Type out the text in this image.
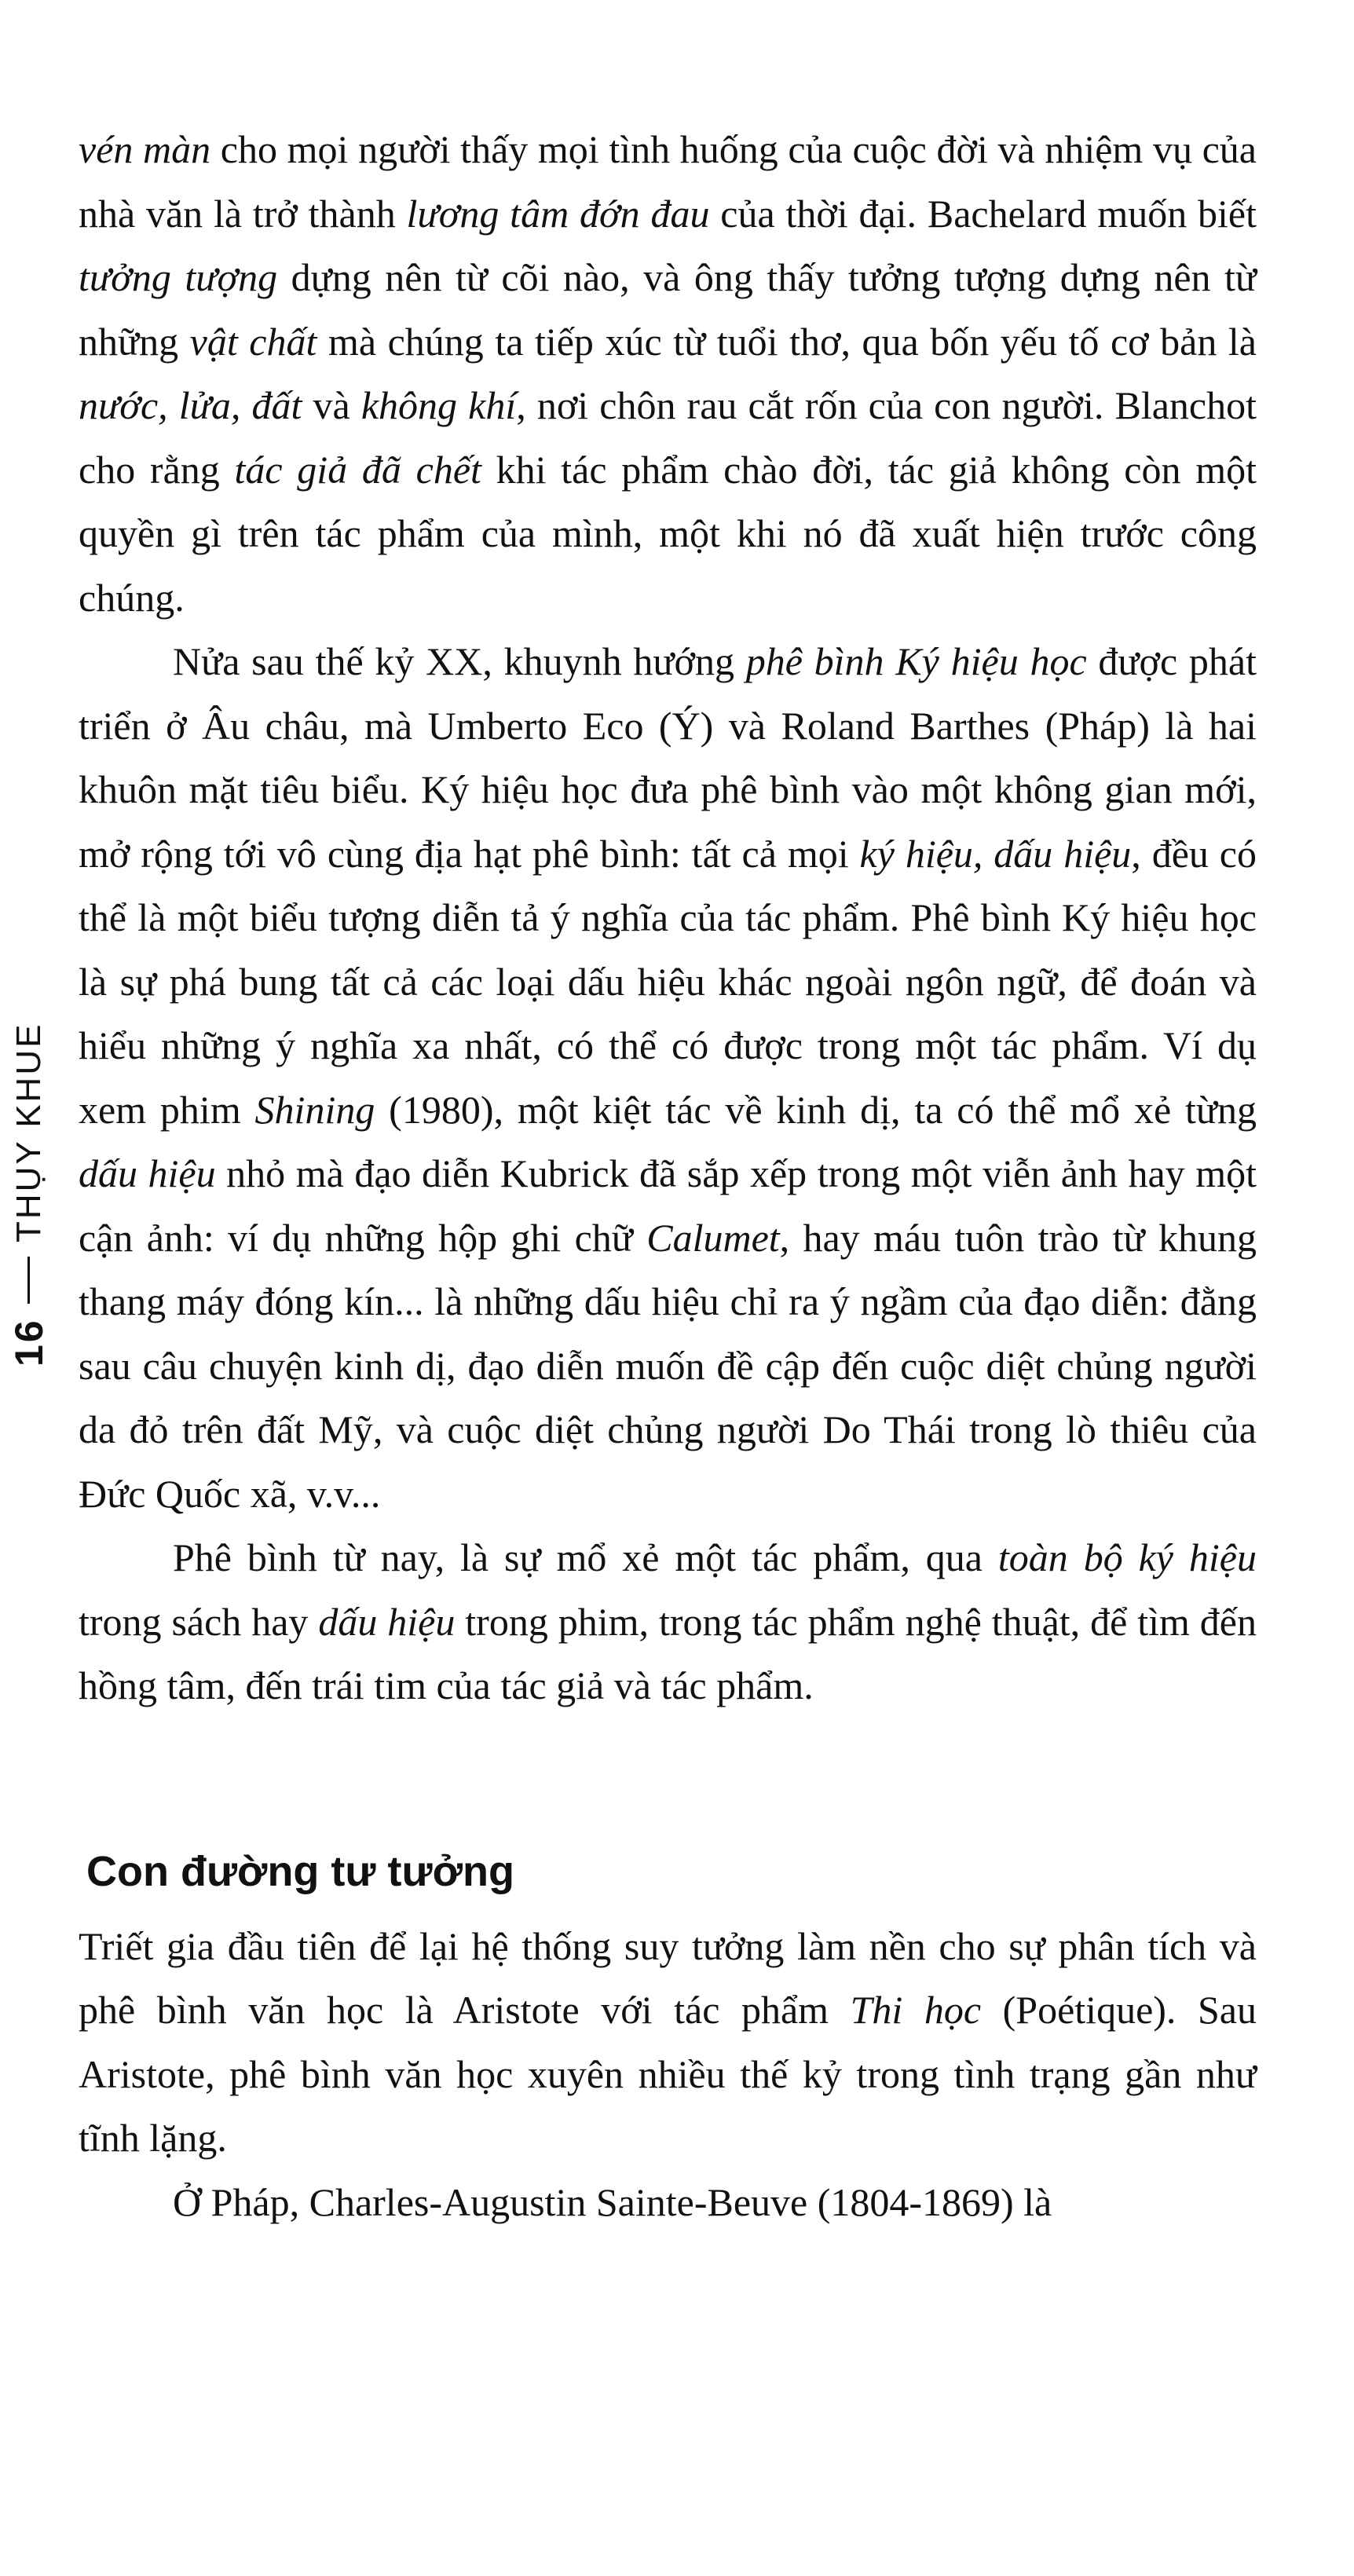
16
THỤY KHUE

vén màn cho mọi người thấy mọi tình huống của cuộc đời và nhiệm vụ của nhà văn là trở thành lương tâm đớn đau của thời đại. Bachelard muốn biết tưởng tượng dựng nên từ cõi nào, và ông thấy tưởng tượng dựng nên từ những vật chất mà chúng ta tiếp xúc từ tuổi thơ, qua bốn yếu tố cơ bản là nước, lửa, đất và không khí, nơi chôn rau cắt rốn của con người. Blanchot cho rằng tác giả đã chết khi tác phẩm chào đời, tác giả không còn một quyền gì trên tác phẩm của mình, một khi nó đã xuất hiện trước công chúng.

Nửa sau thế kỷ XX, khuynh hướng phê bình Ký hiệu học được phát triển ở Âu châu, mà Umberto Eco (Ý) và Roland Barthes (Pháp) là hai khuôn mặt tiêu biểu. Ký hiệu học đưa phê bình vào một không gian mới, mở rộng tới vô cùng địa hạt phê bình: tất cả mọi ký hiệu, dấu hiệu, đều có thể là một biểu tượng diễn tả ý nghĩa của tác phẩm. Phê bình Ký hiệu học là sự phá bung tất cả các loại dấu hiệu khác ngoài ngôn ngữ, để đoán và hiểu những ý nghĩa xa nhất, có thể có được trong một tác phẩm. Ví dụ xem phim Shining (1980), một kiệt tác về kinh dị, ta có thể mổ xẻ từng dấu hiệu nhỏ mà đạo diễn Kubrick đã sắp xếp trong một viễn ảnh hay một cận ảnh: ví dụ những hộp ghi chữ Calumet, hay máu tuôn trào từ khung thang máy đóng kín... là những dấu hiệu chỉ ra ý ngầm của đạo diễn: đằng sau câu chuyện kinh dị, đạo diễn muốn đề cập đến cuộc diệt chủng người da đỏ trên đất Mỹ, và cuộc diệt chủng người Do Thái trong lò thiêu của Đức Quốc xã, v.v...

Phê bình từ nay, là sự mổ xẻ một tác phẩm, qua toàn bộ ký hiệu trong sách hay dấu hiệu trong phim, trong tác phẩm nghệ thuật, để tìm đến hồng tâm, đến trái tim của tác giả và tác phẩm.

Con đường tư tưởng

Triết gia đầu tiên để lại hệ thống suy tưởng làm nền cho sự phân tích và phê bình văn học là Aristote với tác phẩm Thi học (Poétique). Sau Aristote, phê bình văn học xuyên nhiều thế kỷ trong tình trạng gần như tĩnh lặng.

Ở Pháp, Charles-Augustin Sainte-Beuve (1804-1869) là
